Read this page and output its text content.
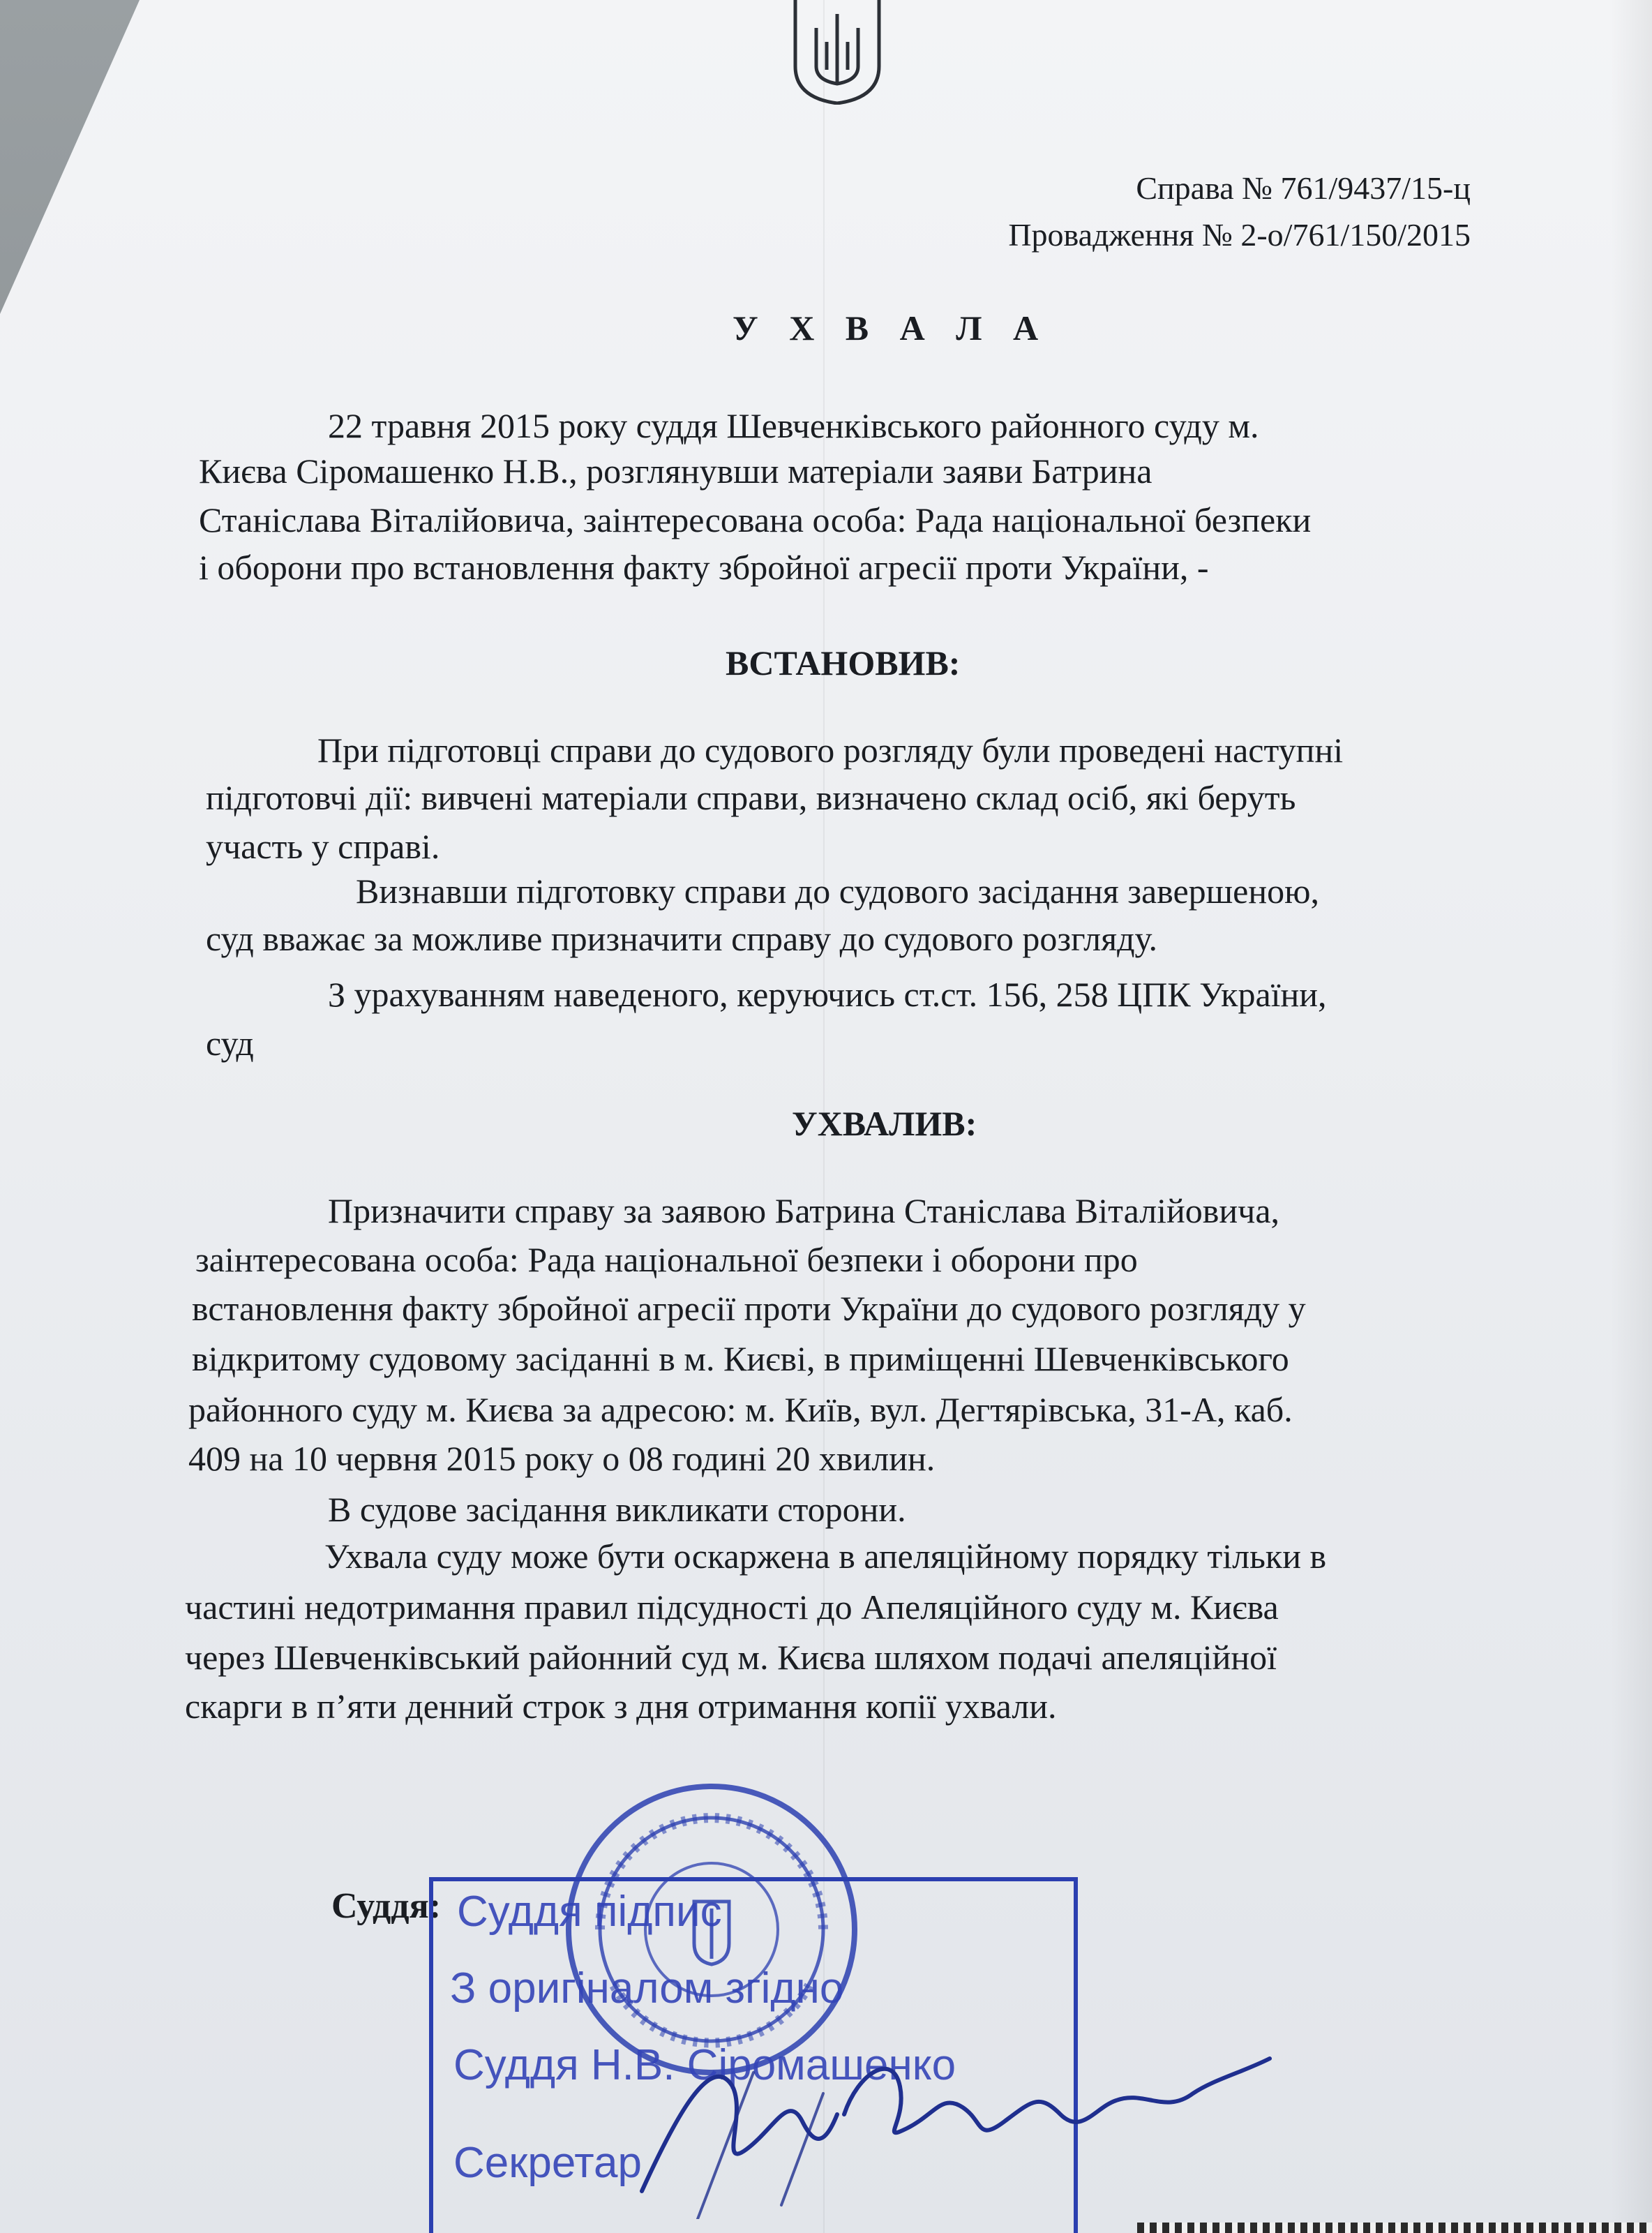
Справа № 761/9437/15-ц
Провадження № 2-о/761/150/2015
У Х В А Л А
22 травня 2015 року суддя Шевченківського районного суду м.
Києва Сіромашенко Н.В., розглянувши матеріали заяви Батрина
Станіслава Віталійовича, заінтересована особа: Рада національної безпеки
і оборони про встановлення факту збройної агресії проти України, -
ВСТАНОВИВ:
При підготовці справи до судового розгляду були проведені наступні
підготовчі дії: вивчені матеріали справи, визначено склад осіб, які беруть
участь у справі.
Визнавши підготовку справи до судового засідання завершеною,
суд вважає за можливе призначити справу до судового розгляду.
З урахуванням наведеного, керуючись ст.ст. 156, 258 ЦПК України,
суд
УХВАЛИВ:
Призначити справу за заявою Батрина Станіслава Віталійовича,
заінтересована особа: Рада національної безпеки і оборони про
встановлення факту збройної агресії проти України до судового розгляду у
відкритому судовому засіданні в м. Києві, в приміщенні Шевченківського
районного суду м. Києва за адресою: м. Київ, вул. Дегтярівська, 31-А, каб.
409 на 10 червня 2015 року о 08 годині 20 хвилин.
В судове засідання викликати сторони.
Ухвала суду може бути оскаржена в апеляційному порядку тільки в
частині недотримання правил підсудності до Апеляційного суду м. Києва
через Шевченківський районний суд м. Києва шляхом подачі апеляційної
скарги в п’яти денний строк з дня отримання копії ухвали.
Суддя: Суддя підпис
З оригіналом згідно
Суддя Н.В. Сіромашенко
Секретар
